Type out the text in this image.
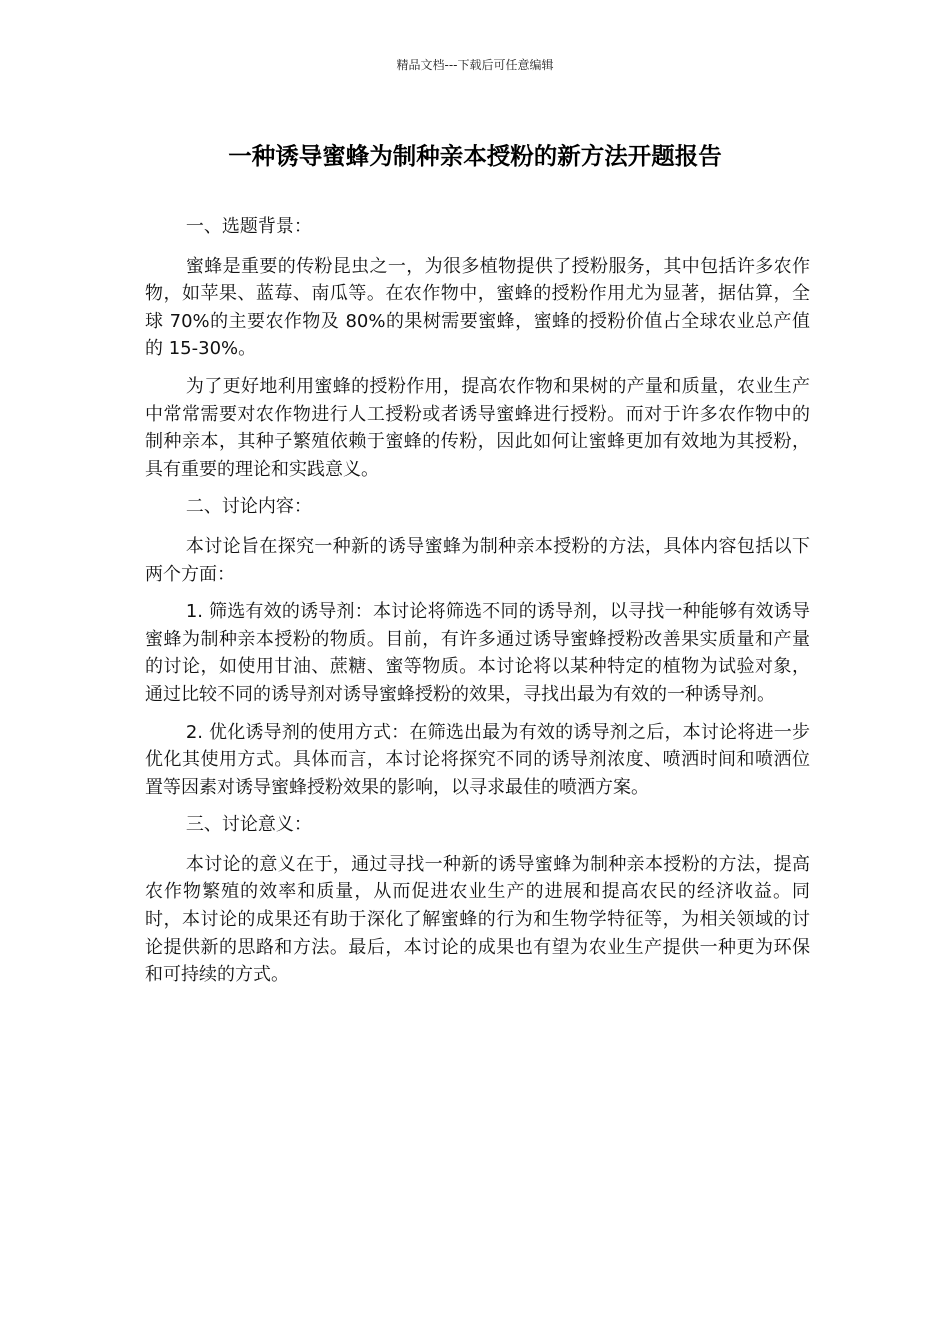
精品文档---下载后可任意编辑
一种诱导蜜蜂为制种亲本授粉的新方法开题报告

一、选题背景：

蜜蜂是重要的传粉昆虫之一，为很多植物提供了授粉服务，其中包括许多农作物，如苹果、蓝莓、南瓜等。在农作物中，蜜蜂的授粉作用尤为显著，据估算，全球 70%的主要农作物及 80%的果树需要蜜蜂，蜜蜂的授粉价值占全球农业总产值的 15-30%。

为了更好地利用蜜蜂的授粉作用，提高农作物和果树的产量和质量，农业生产中常常需要对农作物进行人工授粉或者诱导蜜蜂进行授粉。而对于许多农作物中的制种亲本，其种子繁殖依赖于蜜蜂的传粉，因此如何让蜜蜂更加有效地为其授粉，具有重要的理论和实践意义。

二、讨论内容：

本讨论旨在探究一种新的诱导蜜蜂为制种亲本授粉的方法，具体内容包括以下两个方面：

1. 筛选有效的诱导剂：本讨论将筛选不同的诱导剂，以寻找一种能够有效诱导蜜蜂为制种亲本授粉的物质。目前，有许多通过诱导蜜蜂授粉改善果实质量和产量的讨论，如使用甘油、蔗糖、蜜等物质。本讨论将以某种特定的植物为试验对象，通过比较不同的诱导剂对诱导蜜蜂授粉的效果，寻找出最为有效的一种诱导剂。

2. 优化诱导剂的使用方式：在筛选出最为有效的诱导剂之后，本讨论将进一步优化其使用方式。具体而言，本讨论将探究不同的诱导剂浓度、喷洒时间和喷洒位置等因素对诱导蜜蜂授粉效果的影响，以寻求最佳的喷洒方案。

三、讨论意义：

本讨论的意义在于，通过寻找一种新的诱导蜜蜂为制种亲本授粉的方法，提高农作物繁殖的效率和质量，从而促进农业生产的进展和提高农民的经济收益。同时，本讨论的成果还有助于深化了解蜜蜂的行为和生物学特征等，为相关领域的讨论提供新的思路和方法。最后，本讨论的成果也有望为农业生产提供一种更为环保和可持续的方式。
